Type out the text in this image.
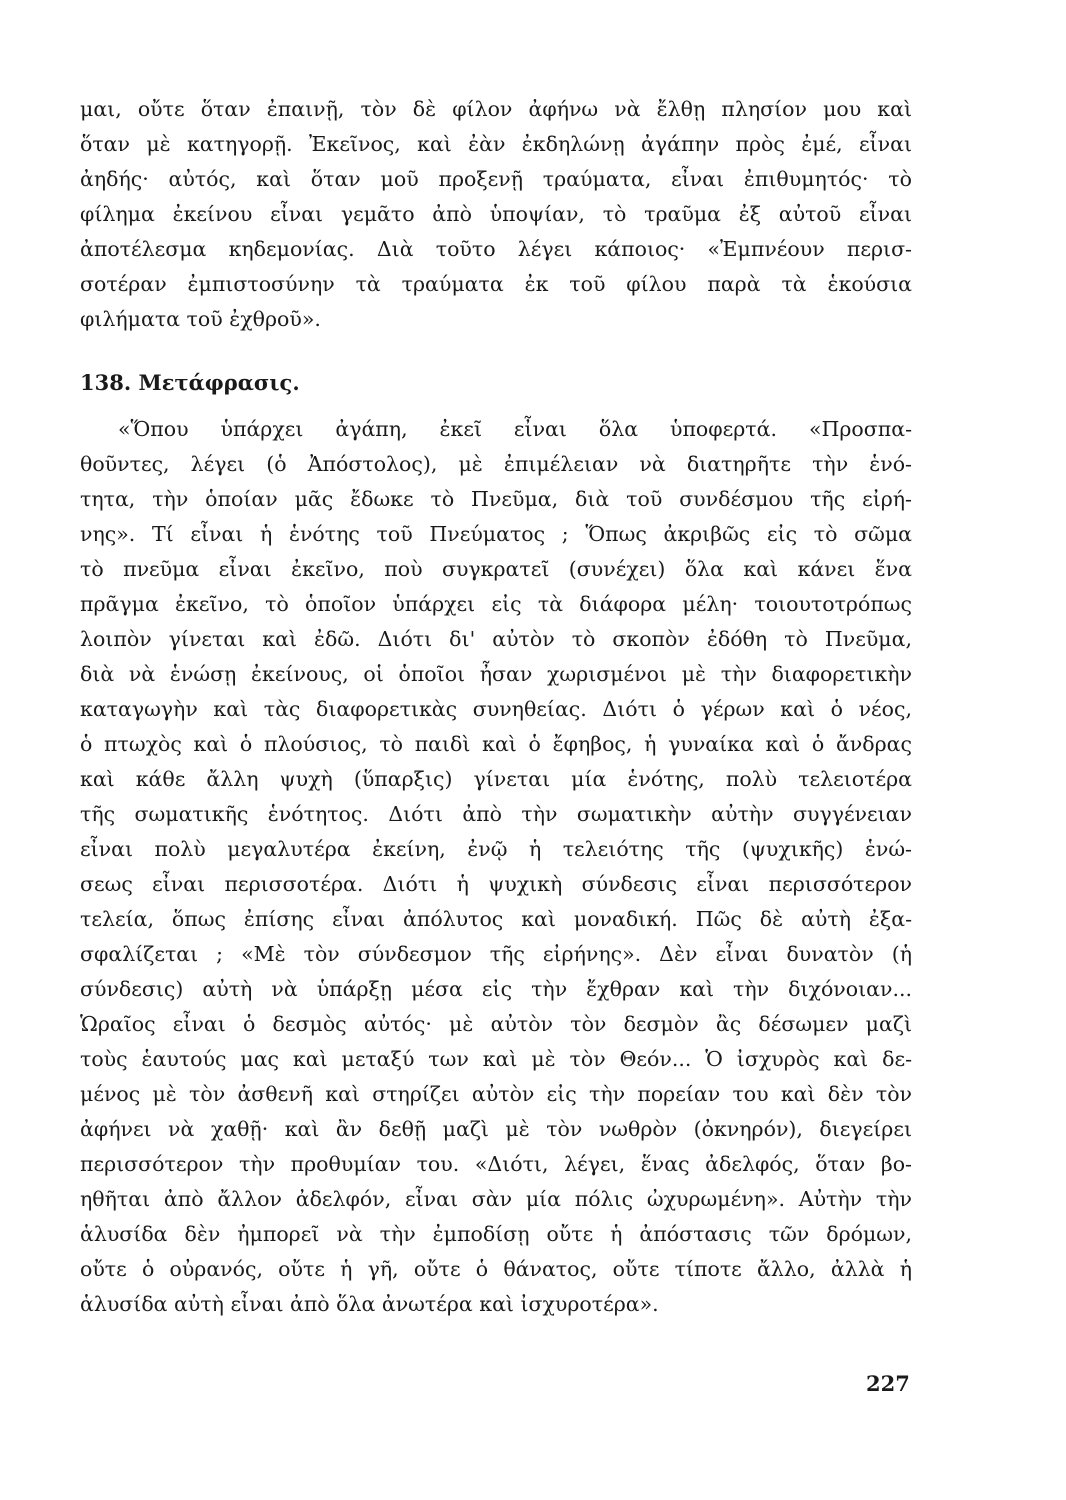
μαι, οὔτε ὅταν ἐπαινῇ, τὸν δὲ φίλον ἀφήνω νὰ ἔλθῃ πλησίον μου καὶ
ὅταν μὲ κατηγορῇ. Ἐκεῖνος, καὶ ἐὰν ἐκδηλώνῃ ἀγάπην πρὸς ἐμέ, εἶναι
ἀηδής· αὐτός, καὶ ὅταν μοῦ προξενῇ τραύματα, εἶναι ἐπιθυμητός· τὸ
φίλημα ἐκείνου εἶναι γεμᾶτο ἀπὸ ὑποψίαν, τὸ τραῦμα ἐξ αὐτοῦ εἶναι
ἀποτέλεσμα κηδεμονίας. Διὰ τοῦτο λέγει κάποιος· «Ἐμπνέουν περισ-
σοτέραν ἐμπιστοσύνην τὰ τραύματα ἐκ τοῦ φίλου παρὰ τὰ ἑκούσια
φιλήματα τοῦ ἐχθροῦ».
138. Μετάφρασις.
«Ὅπου ὑπάρχει ἀγάπη, ἐκεῖ εἶναι ὅλα ὑποφερτά. «Προσπα-
θοῦντες, λέγει (ὁ Ἀπόστολος), μὲ ἐπιμέλειαν νὰ διατηρῆτε τὴν ἑνό-
τητα, τὴν ὁποίαν μᾶς ἔδωκε τὸ Πνεῦμα, διὰ τοῦ συνδέσμου τῆς εἰρή-
νης». Τί εἶναι ἡ ἑνότης τοῦ Πνεύματος ; Ὅπως ἀκριβῶς εἰς τὸ σῶμα
τὸ πνεῦμα εἶναι ἐκεῖνο, ποὺ συγκρατεῖ (συνέχει) ὅλα καὶ κάνει ἕνα
πρᾶγμα ἐκεῖνο, τὸ ὁποῖον ὑπάρχει εἰς τὰ διάφορα μέλη· τοιουτοτρόπως
λοιπὸν γίνεται καὶ ἐδῶ. Διότι δι' αὐτὸν τὸ σκοπὸν ἐδόθη τὸ Πνεῦμα,
διὰ νὰ ἑνώσῃ ἐκείνους, οἱ ὁποῖοι ἦσαν χωρισμένοι μὲ τὴν διαφορετικὴν
καταγωγὴν καὶ τὰς διαφορετικὰς συνηθείας. Διότι ὁ γέρων καὶ ὁ νέος,
ὁ πτωχὸς καὶ ὁ πλούσιος, τὸ παιδὶ καὶ ὁ ἔφηβος, ἡ γυναίκα καὶ ὁ ἄνδρας
καὶ κάθε ἄλλη ψυχὴ (ὕπαρξις) γίνεται μία ἑνότης, πολὺ τελειοτέρα
τῆς σωματικῆς ἑνότητος. Διότι ἀπὸ τὴν σωματικὴν αὐτὴν συγγένειαν
εἶναι πολὺ μεγαλυτέρα ἐκείνη, ἐνῷ ἡ τελειότης τῆς (ψυχικῆς) ἑνώ-
σεως εἶναι περισσοτέρα. Διότι ἡ ψυχικὴ σύνδεσις εἶναι περισσότερον
τελεία, ὅπως ἐπίσης εἶναι ἀπόλυτος καὶ μοναδική. Πῶς δὲ αὐτὴ ἐξα-
σφαλίζεται ; «Μὲ τὸν σύνδεσμον τῆς εἰρήνης». Δὲν εἶναι δυνατὸν (ἡ
σύνδεσις) αὐτὴ νὰ ὑπάρξῃ μέσα εἰς τὴν ἔχθραν καὶ τὴν διχόνοιαν...
Ὡραῖος εἶναι ὁ δεσμὸς αὐτός· μὲ αὐτὸν τὸν δεσμὸν ἂς δέσωμεν μαζὶ
τοὺς ἑαυτούς μας καὶ μεταξύ των καὶ μὲ τὸν Θεόν... Ὁ ἰσχυρὸς καὶ δε-
μένος μὲ τὸν ἀσθενῆ καὶ στηρίζει αὐτὸν εἰς τὴν πορείαν του καὶ δὲν τὸν
ἀφήνει νὰ χαθῇ· καὶ ἂν δεθῇ μαζὶ μὲ τὸν νωθρὸν (ὀκνηρόν), διεγείρει
περισσότερον τὴν προθυμίαν του. «Διότι, λέγει, ἕνας ἀδελφός, ὅταν βο-
ηθῆται ἀπὸ ἄλλον ἀδελφόν, εἶναι σὰν μία πόλις ὠχυρωμένη». Αὐτὴν τὴν
ἁλυσίδα δὲν ἠμπορεῖ νὰ τὴν ἐμποδίσῃ οὔτε ἡ ἀπόστασις τῶν δρόμων,
οὔτε ὁ οὐρανός, οὔτε ἡ γῆ, οὔτε ὁ θάνατος, οὔτε τίποτε ἄλλο, ἀλλὰ ἡ
ἁλυσίδα αὐτὴ εἶναι ἀπὸ ὅλα ἀνωτέρα καὶ ἰσχυροτέρα».
227
